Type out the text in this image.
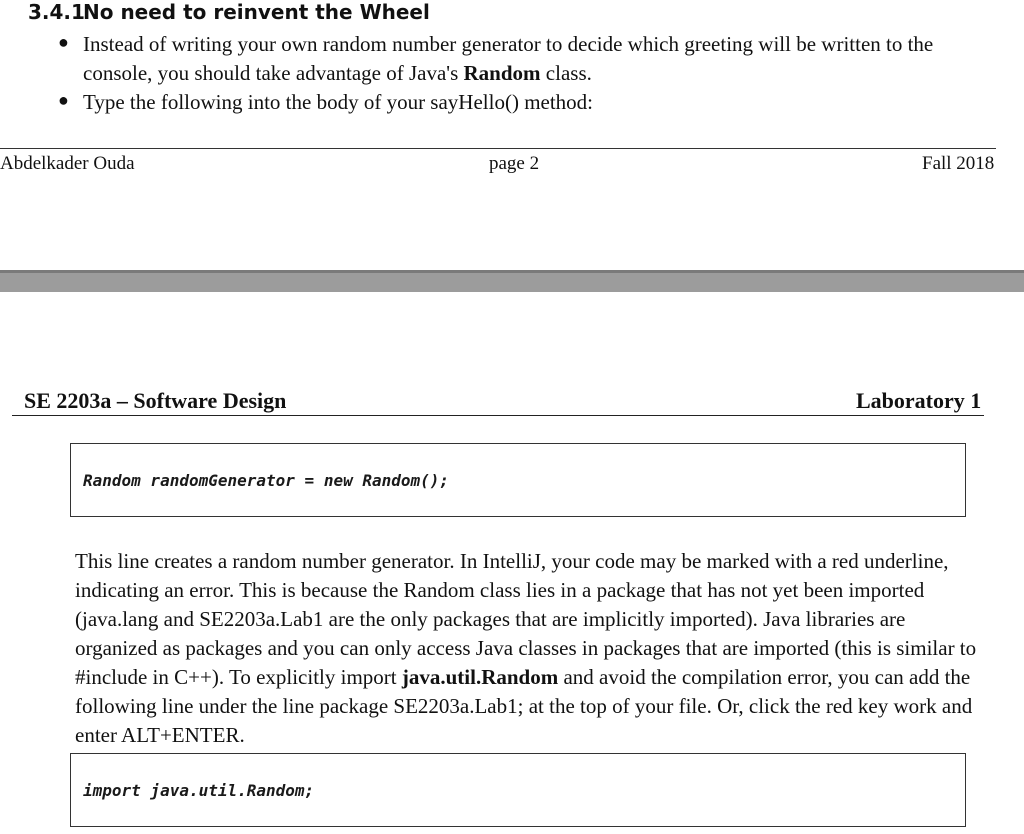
3.4.1No need to reinvent the Wheel
● Instead of writing your own random number generator to decide which greeting will be written to the console, you should take advantage of Java's Random class.
● Type the following into the body of your sayHello() method:
Abdelkader Ouda	page 2	Fall 2018
SE 2203a – Software Design	Laboratory 1
Random randomGenerator = new Random();
This line creates a random number generator. In IntelliJ, your code may be marked with a red underline, indicating an error. This is because the Random class lies in a package that has not yet been imported (java.lang and SE2203a.Lab1 are the only packages that are implicitly imported). Java libraries are organized as packages and you can only access Java classes in packages that are imported (this is similar to #include in C++). To explicitly import java.util.Random and avoid the compilation error, you can add the following line under the line package SE2203a.Lab1; at the top of your file. Or, click the red key work and enter ALT+ENTER.
import java.util.Random;
